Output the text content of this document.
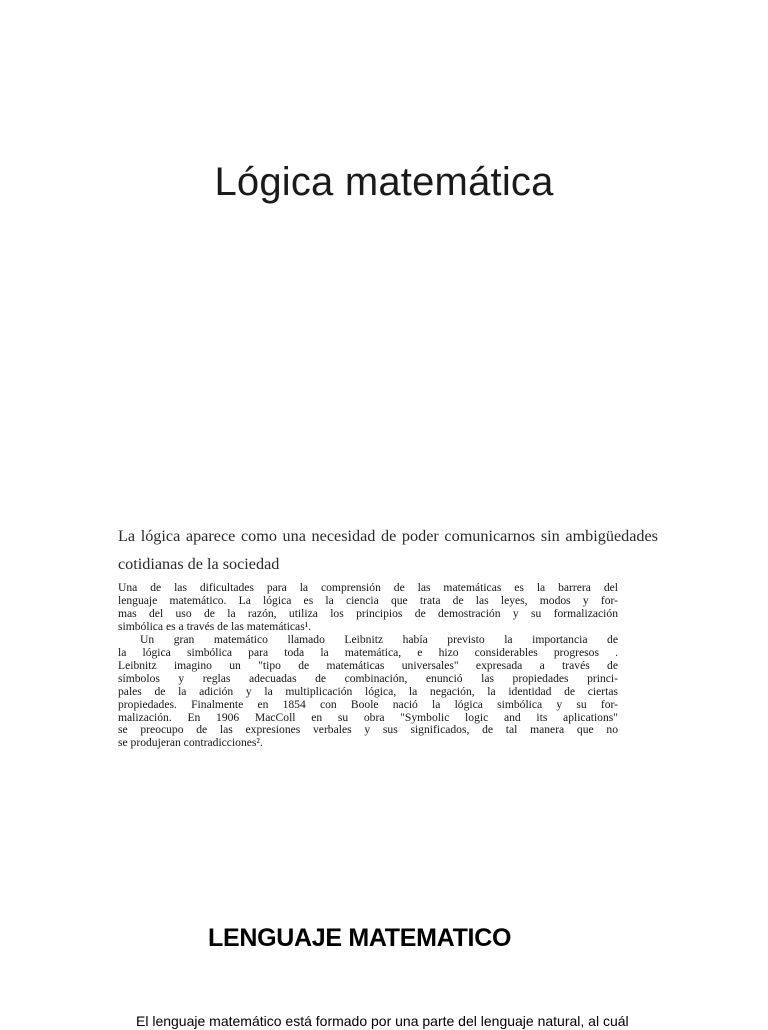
Lógica matemática

La lógica aparece como una necesidad de poder comunicarnos sin ambigüedades cotidianas de la sociedad

Una de las dificultades para la comprensión de las matemáticas es la barrera del
lenguaje matemático. La lógica es la ciencia que trata de las leyes, modos y for-
mas del uso de la razón, utiliza los principios de demostración y su formalización
simbólica es a través de las matemáticas¹.
Un gran matemático llamado Leibnitz había previsto la importancia de
la lógica simbólica para toda la matemática, e hizo considerables progresos .
Leibnitz imagino un "tipo de matemáticas universales" expresada a través de
símbolos y reglas adecuadas de combinación, enunció las propiedades princi-
pales de la adición y la multiplicación lógica, la negación, la identidad de ciertas
propiedades. Finalmente en 1854 con Boole nació la lógica simbólica y su for-
malización. En 1906 MacColl en su obra "Symbolic logic and its aplications"
se preocupo de las expresiones verbales y sus significados, de tal manera que no
se produjeran contradicciones².
LENGUAJE MATEMATICO

El lenguaje matemático está formado por una parte del lenguaje natural, al cuál
